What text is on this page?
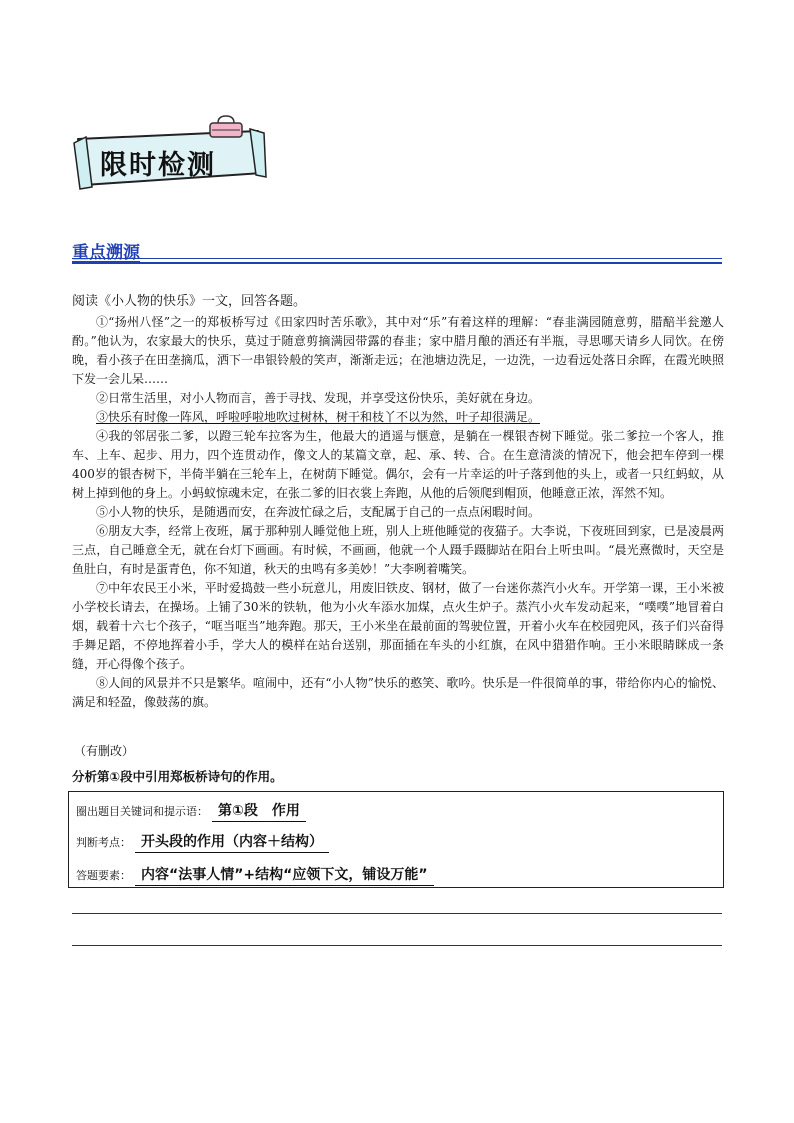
限时检测
重点溯源
阅读《小人物的快乐》一文，回答各题。

①“扬州八怪”之一的郑板桥写过《田家四时苦乐歌》，其中对“乐”有着这样的理解：“春韭满园随意剪，腊醅半瓮邀人酌。”他认为，农家最大的快乐，莫过于随意剪摘满园带露的春韭；家中腊月酿的酒还有半瓶，寻思哪天请乡人同饮。在傍晚，看小孩子在田垄摘瓜，洒下一串银铃般的笑声，渐渐走远；在池塘边洗足，一边洗，一边看远处落日余晖，在霞光映照下发一会儿呆……

②日常生活里，对小人物而言，善于寻找、发现，并享受这份快乐，美好就在身边。

③快乐有时像一阵风，呼啦呼啦地吹过树林，树干和枝丫不以为然，叶子却很满足。

④我的邻居张二爹，以蹬三轮车拉客为生，他最大的逍遥与惬意，是躺在一棵银杏树下睡觉。张二爹拉一个客人，推车、上车、起步、用力，四个连贯动作，像文人的某篇文章，起、承、转、合。在生意清淡的情况下，他会把车停到一棵400岁的银杏树下，半倚半躺在三轮车上，在树荫下睡觉。偶尔，会有一片幸运的叶子落到他的头上，或者一只红蚂蚁，从树上掉到他的身上。小蚂蚁惊魂未定，在张二爹的旧衣裳上奔跑，从他的后领爬到帽顶，他睡意正浓，浑然不知。

⑤小人物的快乐，是随遇而安，在奔波忙碌之后，支配属于自己的一点点闲暇时间。

⑥朋友大李，经常上夜班，属于那种别人睡觉他上班，别人上班他睡觉的夜猫子。大李说，下夜班回到家，已是凌晨两三点，自己睡意全无，就在台灯下画画。有时候，不画画，他就一个人蹑手蹑脚站在阳台上听虫叫。“晨光熹微时，天空是鱼肚白，有时是蛋青色，你不知道，秋天的虫鸣有多美妙！”大李咧着嘴笑。

⑦中年农民王小米，平时爱捣鼓一些小玩意儿，用废旧铁皮、钢材，做了一台迷你蒸汽小火车。开学第一课，王小米被小学校长请去，在操场。上铺了30米的铁轨，他为小火车添水加煤，点火生炉子。蒸汽小火车发动起来，“噗噗”地冒着白烟，载着十六七个孩子，“哐当哐当”地奔跑。那天，王小米坐在最前面的驾驶位置，开着小火车在校园兜风，孩子们兴奋得手舞足蹈，不停地挥着小手，学大人的模样在站台送别，那面插在车头的小红旗，在风中猎猎作响。王小米眼睛眯成一条缝，开心得像个孩子。

⑧人间的风景并不只是繁华。喧闹中，还有“小人物”快乐的憨笑、歌吟。快乐是一件很简单的事，带给你内心的愉悦、满足和轻盈，像鼓荡的旗。

（有删改）
分析第①段中引用郑板桥诗句的作用。
圈出题目关键词和提示语： 第①段　作用
判断考点： 开头段的作用（内容＋结构）
答题要素： 内容“法事人情”+结构“应领下文，铺设万能”
